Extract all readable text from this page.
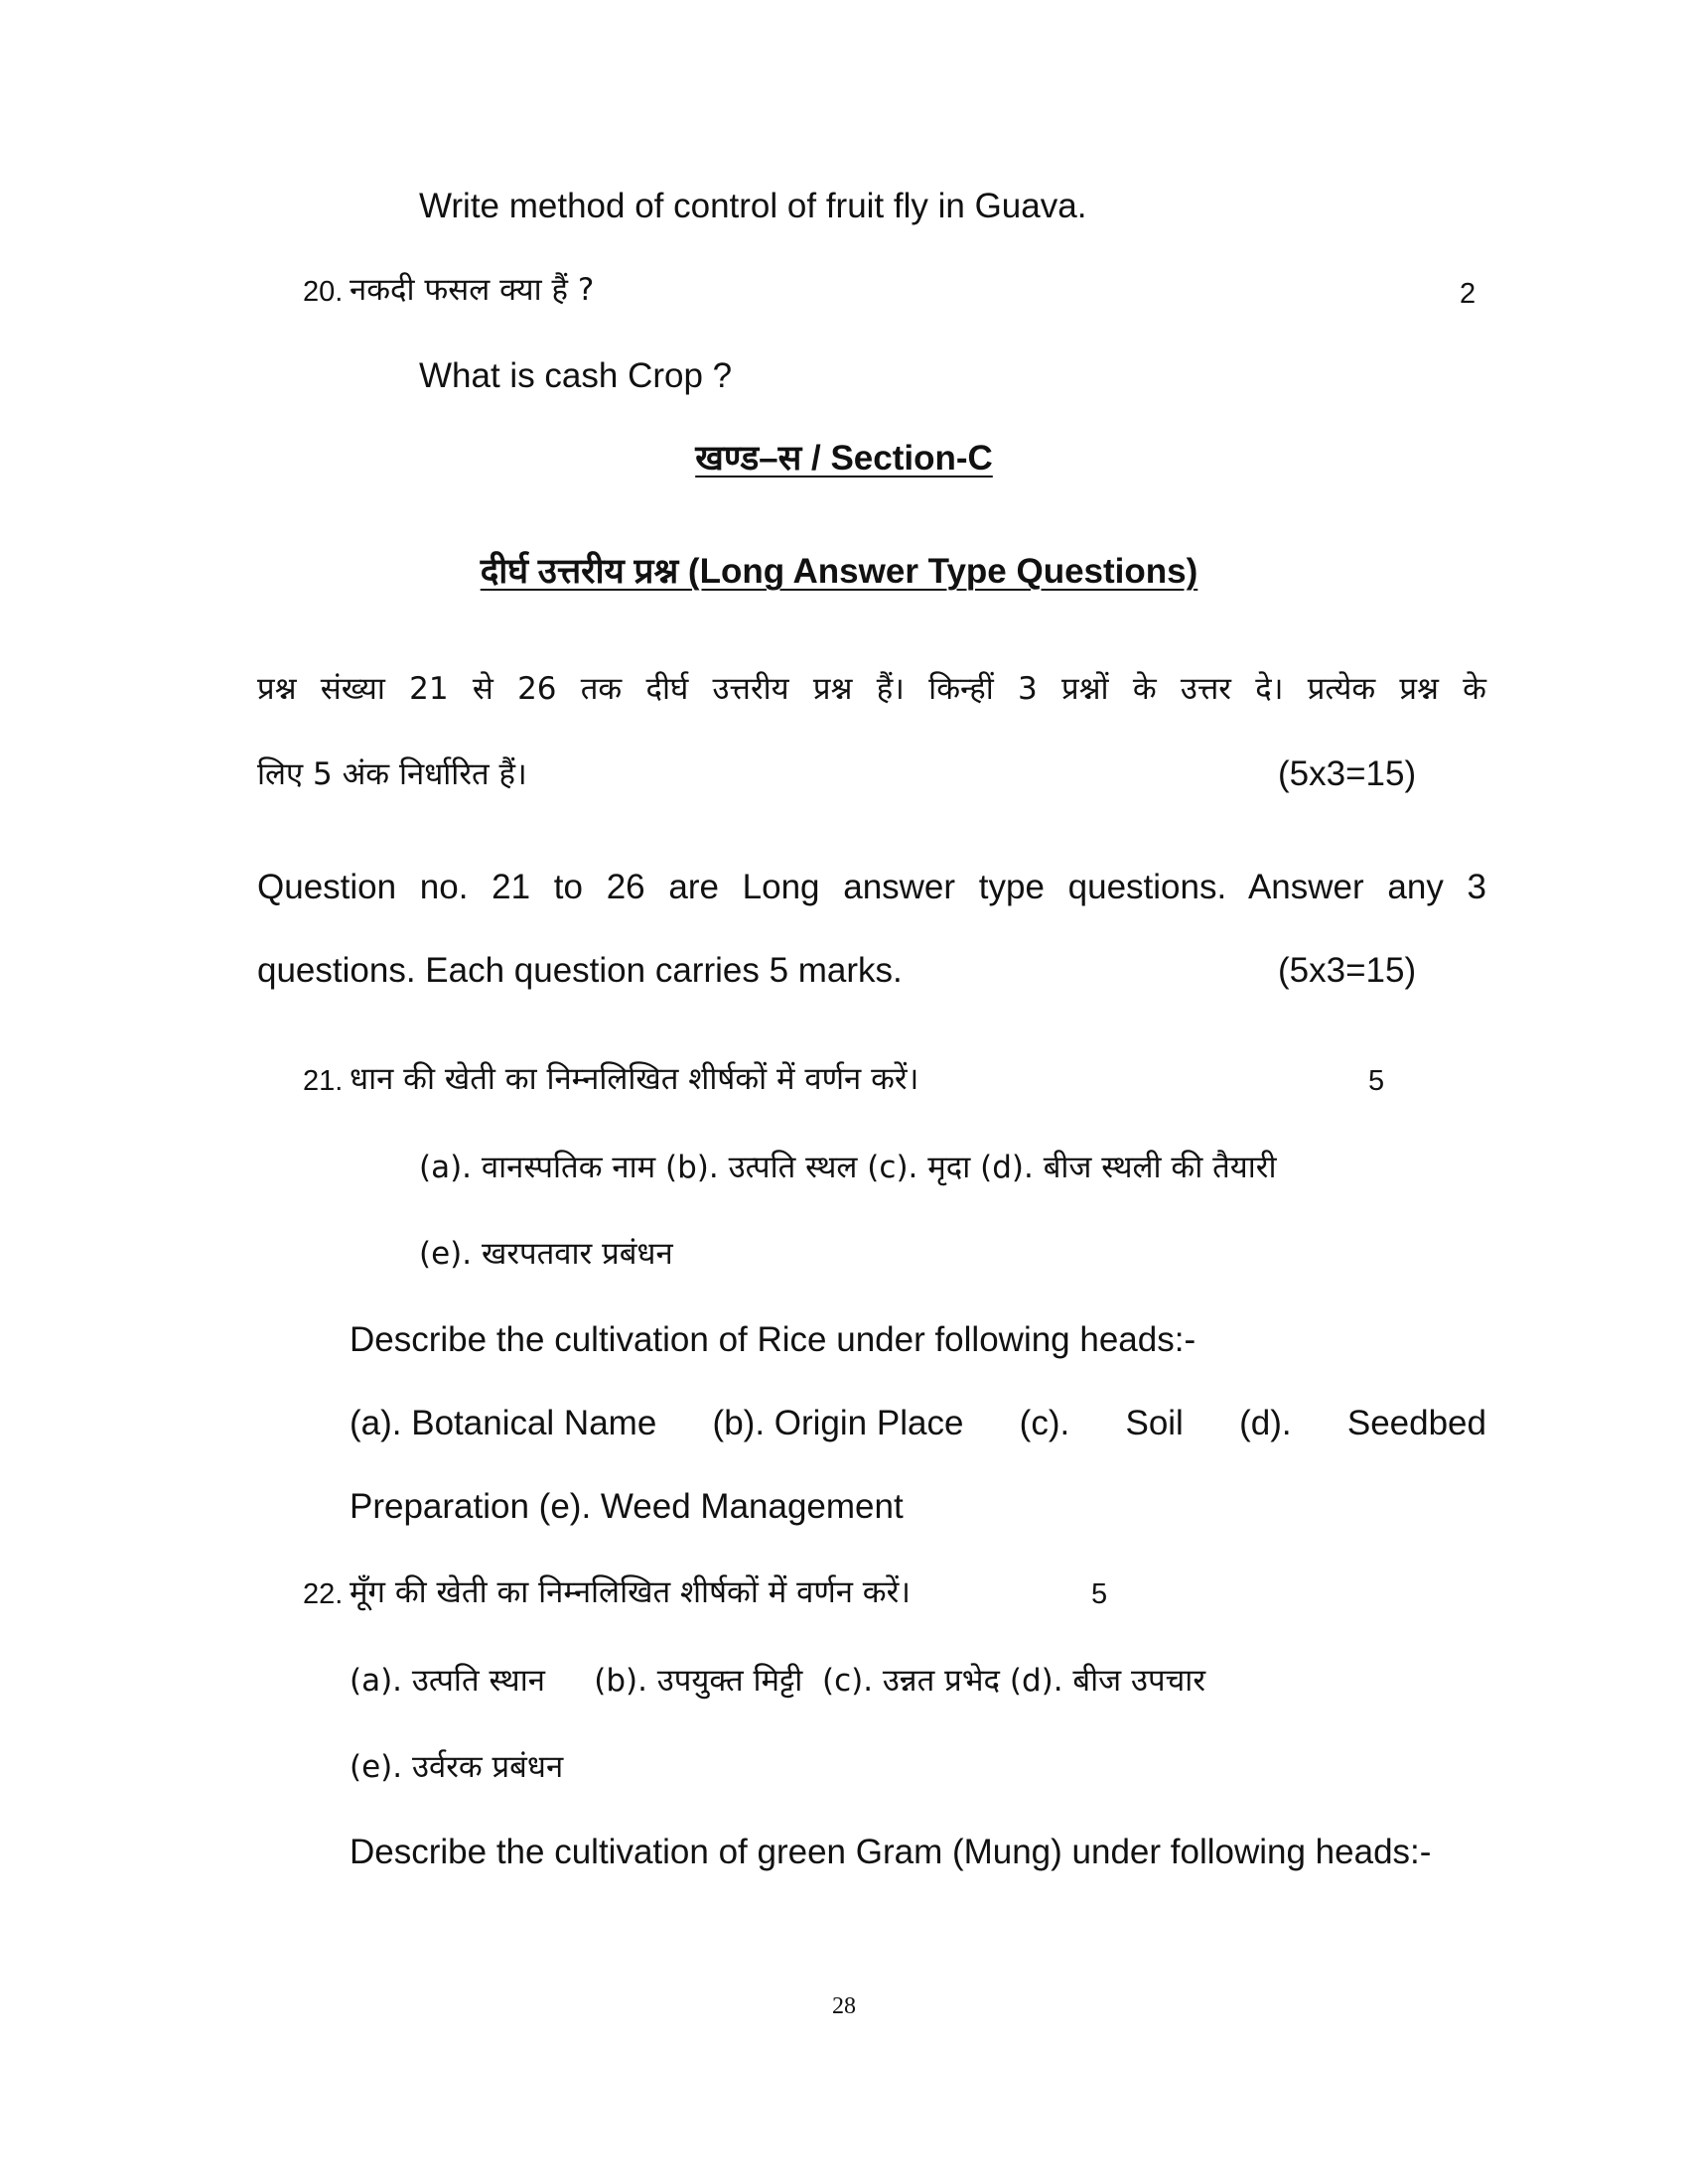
Write method of control of fruit fly in Guava.
20. नकदी फसल क्या हैं ?	2
What is cash Crop ?
खण्ड–स / Section-C
दीर्घ उत्तरीय प्रश्न (Long Answer Type Questions)
प्रश्न संख्या 21 से 26 तक दीर्घ उत्तरीय प्रश्न हैं। किन्हीं 3 प्रश्नों के उत्तर दे। प्रत्येक प्रश्न के
लिए 5 अंक निर्धारित हैं।	(5x3=15)
Question no. 21 to 26 are Long answer type questions. Answer any 3
questions. Each question carries 5 marks.	(5x3=15)
21. धान की खेती का निम्नलिखित शीर्षकों में वर्णन करें।	5
(a). वानस्पतिक नाम (b). उत्पति स्थल (c). मृदा (d). बीज स्थली की तैयारी
(e). खरपतवार प्रबंधन
Describe the cultivation of Rice under following heads:-
(a). Botanical Name (b). Origin Place (c). Soil (d). Seedbed
Preparation (e). Weed Management
22. मूँग की खेती का निम्नलिखित शीर्षकों में वर्णन करें।	5
(a). उत्पति स्थान     (b). उपयुक्त मिट्टी  (c). उन्नत प्रभेद (d). बीज उपचार
(e). उर्वरक प्रबंधन
Describe the cultivation of green Gram (Mung) under following heads:-
28
